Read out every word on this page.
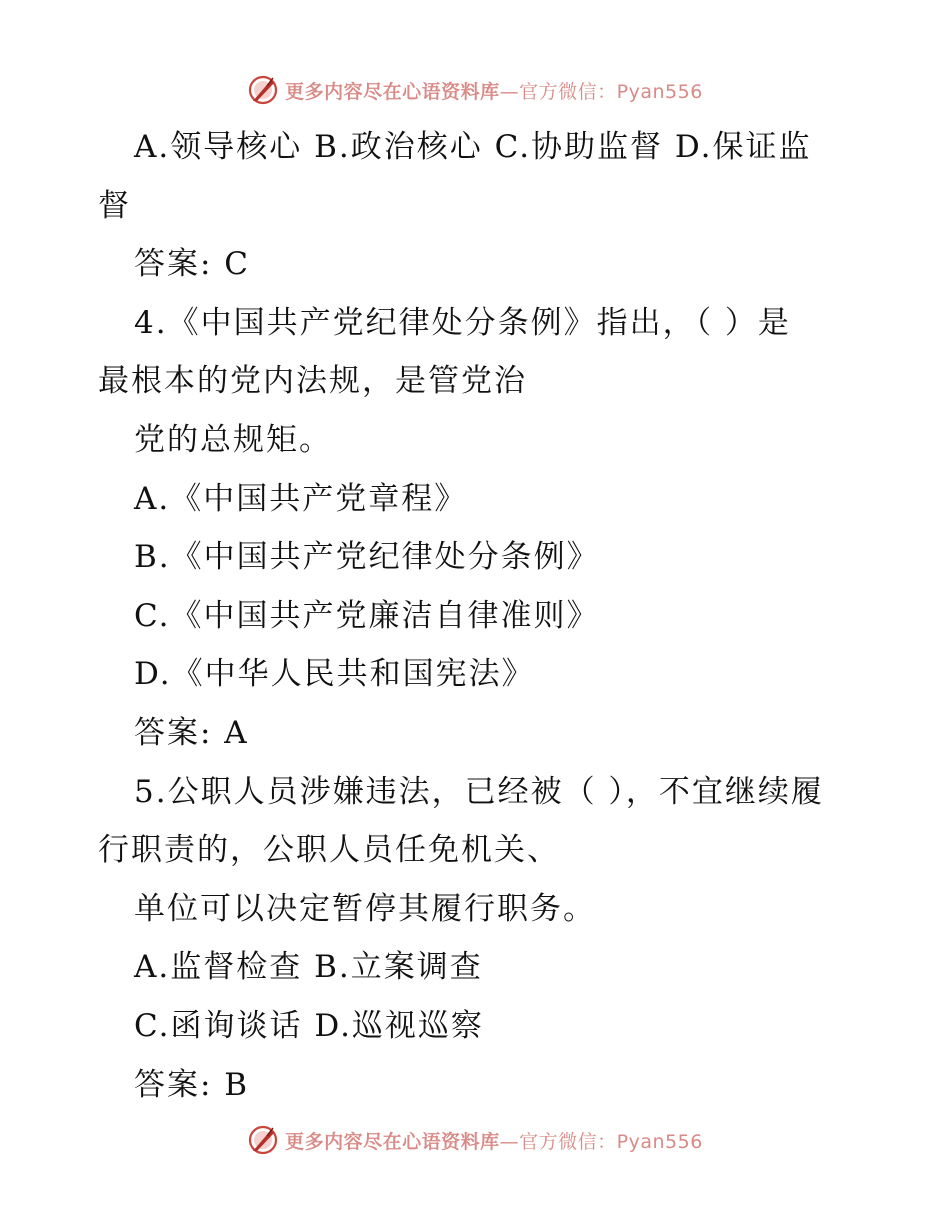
更多内容尽在心语资料库—官方微信：Pyan556
A.领导核心 B.政治核心 C.协助监督 D.保证监
督
答案: C
4.《中国共产党纪律处分条例》指出，（ ）是
最根本的党内法规，是管党治
党的总规矩。
A.《中国共产党章程》
B.《中国共产党纪律处分条例》
C.《中国共产党廉洁自律准则》
D.《中华人民共和国宪法》
答案: A
5.公职人员涉嫌违法，已经被（ ），不宜继续履
行职责的，公职人员任免机关、
单位可以决定暂停其履行职务。
A.监督检查 B.立案调查
C.函询谈话 D.巡视巡察
答案: B
更多内容尽在心语资料库—官方微信：Pyan556
